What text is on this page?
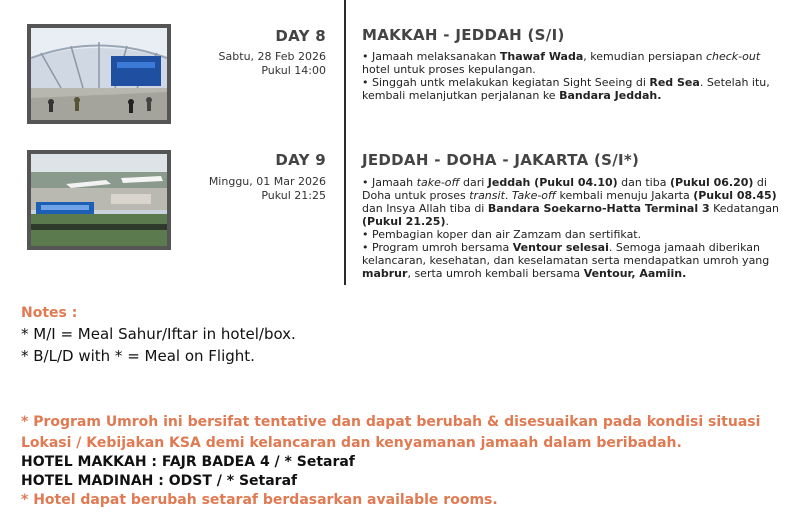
DAY 8
Sabtu, 28 Feb 2026
Pukul 14:00
MAKKAH - JEDDAH (S/I)

• Jamaah melaksanakan Thawaf Wada, kemudian persiapan check-out hotel untuk proses kepulangan.

• Singgah untk melakukan kegiatan Sight Seeing di Red Sea. Setelah itu, kembali melanjutkan perjalanan ke Bandara Jeddah.

DAY 9
Minggu, 01 Mar 2026
Pukul 21:25
JEDDAH - DOHA - JAKARTA (S/I*)

• Jamaah take-off dari Jeddah (Pukul 04.10) dan tiba (Pukul 06.20) di Doha untuk proses transit. Take-off kembali menuju Jakarta (Pukul 08.45) dan Insya Allah tiba di Bandara Soekarno-Hatta Terminal 3 Kedatangan (Pukul 21.25).

• Pembagian koper dan air Zamzam dan sertifikat.

• Program umroh bersama Ventour selesai. Semoga jamaah diberikan kelancaran, kesehatan, dan keselamatan serta mendapatkan umroh yang mabrur, serta umroh kembali bersama Ventour, Aamiin.

Notes :
* M/I = Meal Sahur/Iftar in hotel/box.
* B/L/D with * = Meal on Flight.
* Program Umroh ini bersifat tentative dan dapat berubah & disesuaikan pada kondisi situasi Lokasi / Kebijakan KSA demi kelancaran dan kenyamanan jamaah dalam beribadah.
HOTEL MAKKAH : FAJR BADEA 4 / * Setaraf
HOTEL MADINAH : ODST / * Setaraf
* Hotel dapat berubah setaraf berdasarkan available rooms.
